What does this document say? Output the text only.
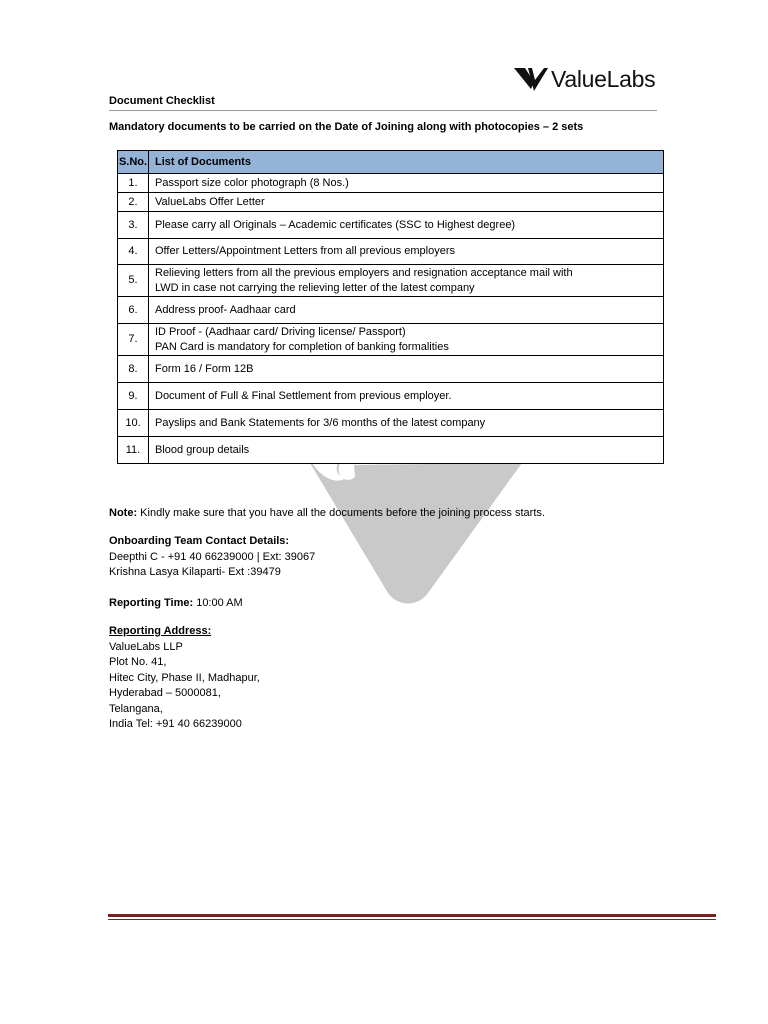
ValueLabs
Document Checklist
Mandatory documents to be carried on the Date of Joining along with photocopies – 2 sets
S.No.	List of Documents
1.	Passport size color photograph (8 Nos.)

2.	ValueLabs Offer Letter

3.	Please carry all Originals – Academic certificates (SSC to Highest degree)

4.	Offer Letters/Appointment Letters from all previous employers

5.	Relieving letters from all the previous employers and resignation acceptance mail with
LWD in case not carrying the relieving letter of the latest company

6.	Address proof- Aadhaar card

7.	ID Proof - (Aadhaar card/ Driving license/ Passport)
PAN Card is mandatory for completion of banking formalities

8.	Form 16 / Form 12B

9.	Document of Full & Final Settlement from previous employer.

10.	Payslips and Bank Statements for 3/6 months of the latest company

11.	Blood group details
Note: Kindly make sure that you have all the documents before the joining process starts.
Onboarding Team Contact Details:
Deepthi C - +91 40 66239000 | Ext: 39067
Krishna Lasya Kilaparti- Ext :39479
Reporting Time: 10:00 AM
Reporting Address:
ValueLabs LLP
Plot No. 41,
Hitec City, Phase II, Madhapur,
Hyderabad – 5000081,
Telangana,
India Tel: +91 40 66239000
